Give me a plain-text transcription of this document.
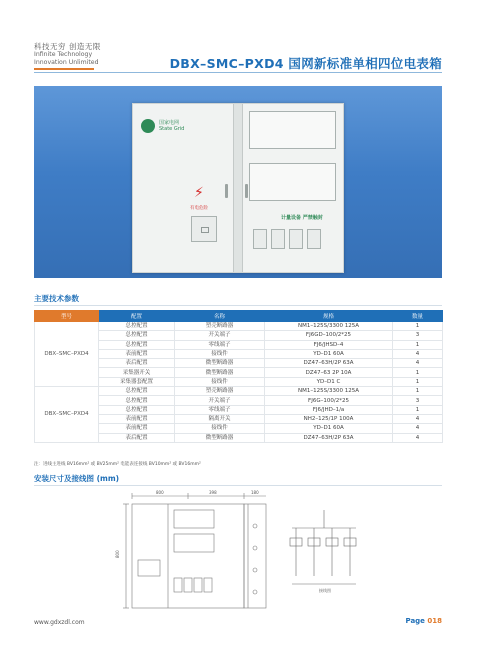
科技无穷 创造无限
Infinite Technology
Innovation Unlimited	DBX–SMC–PXD4 国网新标准单相四位电表箱
国家电网
State Grid
⚡
有电危险
计量设备 严禁触封
主要技术参数
型号	配置	名称	规格	数量
DBX–SMC–PXD4	总控配置	塑壳断路器	NM1–125S/3300 125A	1
	总控配置	开关端子	FJ6GD–100/2*25	3
	总控配置	零线端子	FJ6/JHSD–4	1
	表前配置	接线件	YD–D1 60A	4
	表后配置	微型断路器	DZ47–63H/2P 63A	4
	采集器开关	微型断路器	DZ47–63 2P 10A	1
	采集器套配置	接线件	YD–D1 C	1
DBX–SMC–PXD4	总控配置	塑壳断路器	NM1–125S/3300 125A	1
	总控配置	开关端子	FJ6G–100/2*25	3
	总控配置	零线端子	FJ6/JHD–1/a	1
	表前配置	隔离开关	NH2–125/1P 100A	4
	表前配置	接线件	YD–D1 60A	4
	表后配置	微型断路器	DZ47–63H/2P 63A	4
注：进线主进线 BV16mm² 或 BV25mm² 电能表连接线 BV10mm² 或 BV16mm²
安装尺寸及接线图 (mm)
800	398
800
180
接线图
www.gdxzdl.com	Page 018
